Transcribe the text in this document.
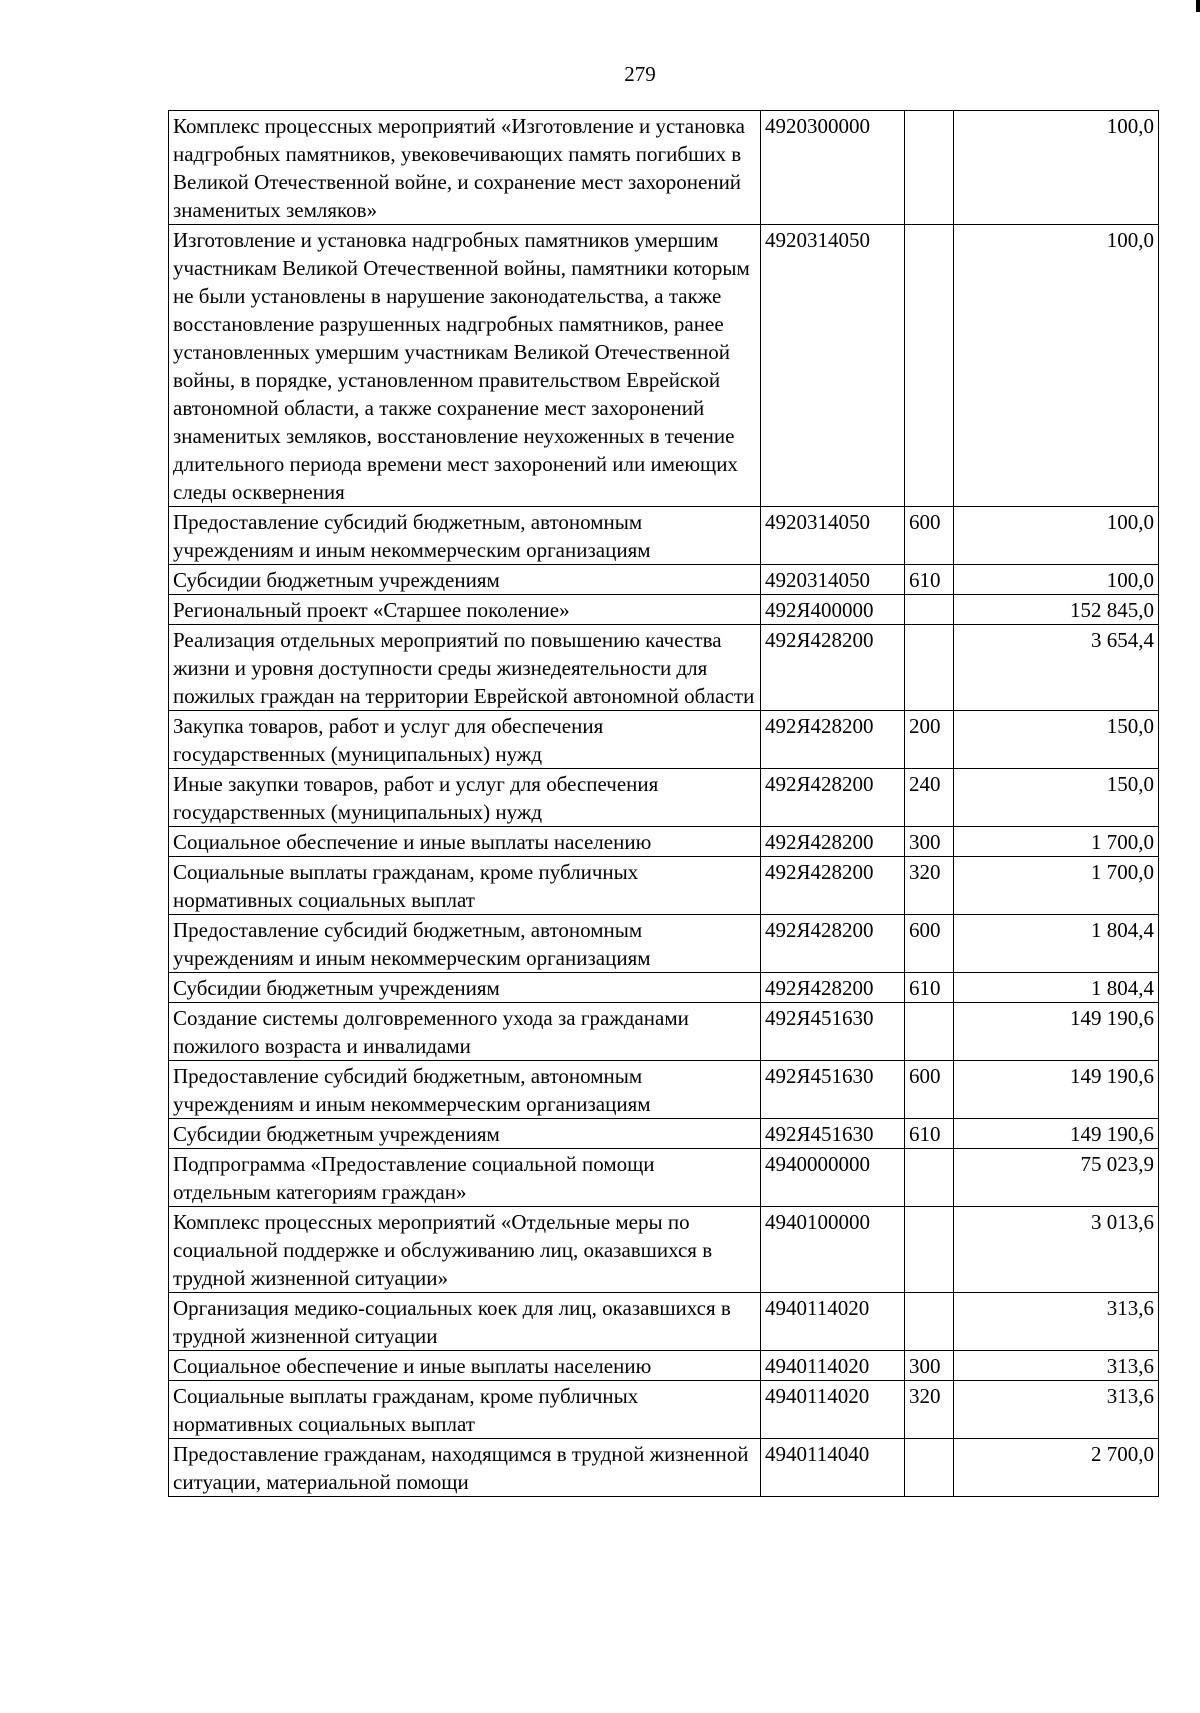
279
Комплекс процессных мероприятий «Изготовление и установка надгробных памятников, увековечивающих память погибших в Великой Отечественной войне, и сохранение мест захоронений знаменитых земляков»	4920300000		100,0
Изготовление и установка надгробных памятников умершим участникам Великой Отечественной войны, памятники которым не были установлены в нарушение законодательства, а также восстановление разрушенных надгробных памятников, ранее установленных умершим участникам Великой Отечественной войны, в порядке, установленном правительством Еврейской автономной области, а также сохранение мест захоронений знаменитых земляков, восстановление неухоженных в течение длительного периода времени мест захоронений или имеющих следы осквернения	4920314050		100,0
Предоставление субсидий бюджетным, автономным учреждениям и иным некоммерческим организациям	4920314050	600	100,0
Субсидии бюджетным учреждениям	4920314050	610	100,0
Региональный проект «Старшее поколение»	492Я400000		152 845,0
Реализация отдельных мероприятий по повышению качества жизни и уровня доступности среды жизнедеятельности для пожилых граждан на территории Еврейской автономной области	492Я428200		3 654,4
Закупка товаров, работ и услуг для обеспечения государственных (муниципальных) нужд	492Я428200	200	150,0
Иные закупки товаров, работ и услуг для обеспечения государственных (муниципальных) нужд	492Я428200	240	150,0
Социальное обеспечение и иные выплаты населению	492Я428200	300	1 700,0
Социальные выплаты гражданам, кроме публичных нормативных социальных выплат	492Я428200	320	1 700,0
Предоставление субсидий бюджетным, автономным учреждениям и иным некоммерческим организациям	492Я428200	600	1 804,4
Субсидии бюджетным учреждениям	492Я428200	610	1 804,4
Создание системы долговременного ухода за гражданами пожилого возраста и инвалидами	492Я451630		149 190,6
Предоставление субсидий бюджетным, автономным учреждениям и иным некоммерческим организациям	492Я451630	600	149 190,6
Субсидии бюджетным учреждениям	492Я451630	610	149 190,6
Подпрограмма «Предоставление социальной помощи отдельным категориям граждан»	4940000000		75 023,9
Комплекс процессных мероприятий «Отдельные меры по социальной поддержке и обслуживанию лиц, оказавшихся в трудной жизненной ситуации»	4940100000		3 013,6
Организация медико-социальных коек для лиц, оказавшихся в трудной жизненной ситуации	4940114020		313,6
Социальное обеспечение и иные выплаты населению	4940114020	300	313,6
Социальные выплаты гражданам, кроме публичных нормативных социальных выплат	4940114020	320	313,6
Предоставление гражданам, находящимся в трудной жизненной ситуации, материальной помощи	4940114040		2 700,0
